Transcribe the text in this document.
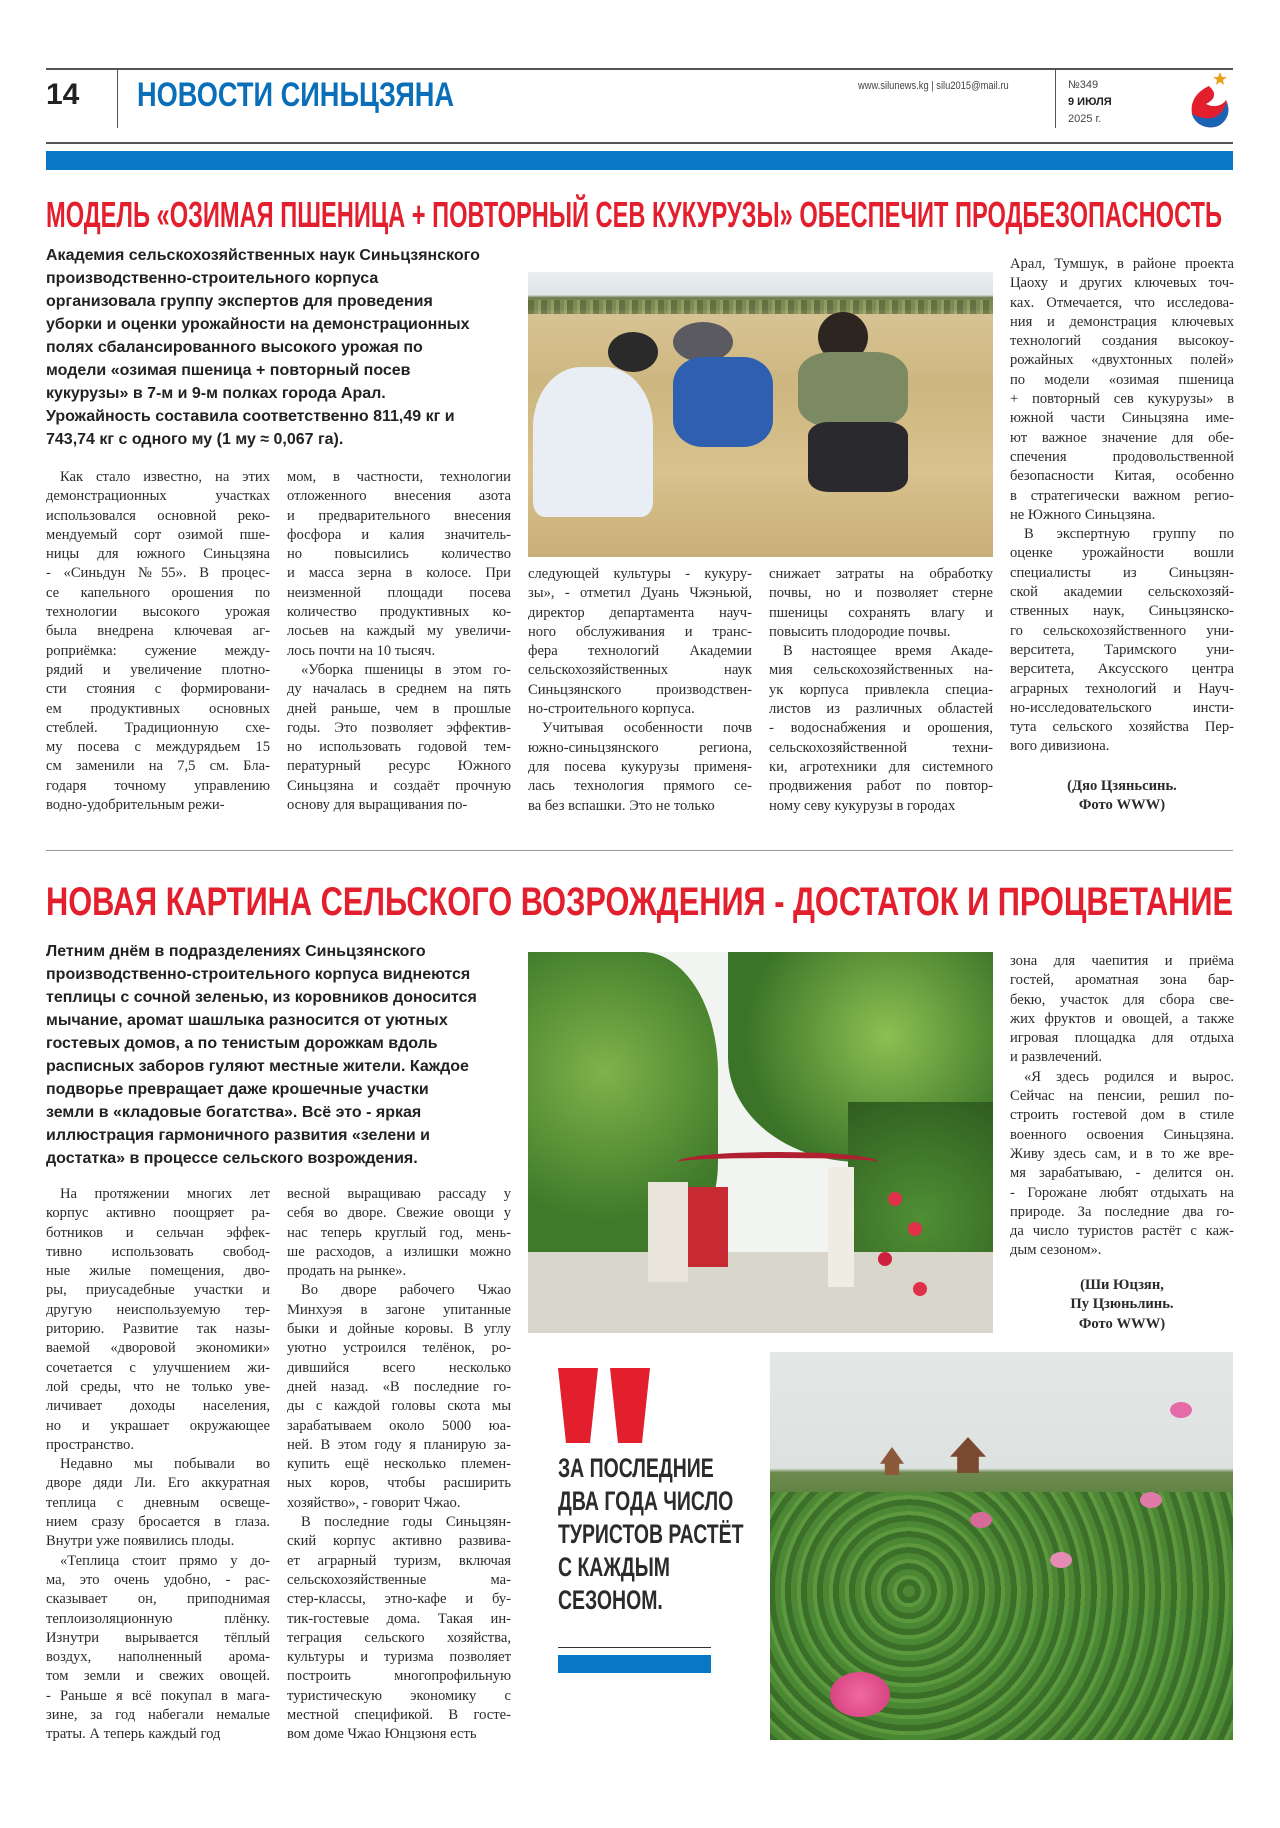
14 НОВОСТИ СИНЬЦЗЯНА	www.silunews.kg | silu2015@mail.ru	№349
9 ИЮЛЯ
2025 г.
МОДЕЛЬ «ОЗИМАЯ ПШЕНИЦА + ПОВТОРНЫЙ СЕВ КУКУРУЗЫ» ОБЕСПЕЧИТ ПРОДБЕЗОПАСНОСТЬ
Академия сельскохозяйственных наук Синьцзянского
производственно-строительного корпуса
организовала группу экспертов для проведения
уборки и оценки урожайности на демонстрационных
полях сбалансированного высокого урожая по
модели «озимая пшеница + повторный посев
кукурузы» в 7-м и 9-м полках города Арал.
Урожайность составила соответственно 811,49 кг и
743,74 кг с одного му (1 му ≈ 0,067 га).
Как стало известно, на этих
демонстрационных участках
использовался основной реко-
мендуемый сорт озимой пше-
ницы для южного Синьцзяна
- «Синьдун №55». В процес-
се капельного орошения по
технологии высокого урожая
была внедрена ключевая аг-
роприёмка: сужение между-
рядий и увеличение плотно-
сти стояния с формировани-
ем продуктивных основных
стеблей. Традиционную схе-
му посева с междурядьем 15
см заменили на 7,5 см. Бла-
годаря точному управлению
водно-удобрительным режи-
мом, в частности, технологии
отложенного внесения азота
и предварительного внесения
фосфора и калия значитель-
но повысились количество
и масса зерна в колосе. При
неизменной площади посева
количество продуктивных ко-
лосьев на каждый му увеличи-
лось почти на 10 тысяч.
«Уборка пшеницы в этом го-
ду началась в среднем на пять
дней раньше, чем в прошлые
годы. Это позволяет эффектив-
но использовать годовой тем-
пературный ресурс Южного
Синьцзяна и создаёт прочную
основу для выращивания по-
следующей культуры - кукуру-
зы», - отметил Дуань Чжэньюй,
директор департамента науч-
ного обслуживания и транс-
фера технологий Академии
сельскохозяйственных наук
Синьцзянского производствен-
но-строительного корпуса.
Учитывая особенности почв
южно-синьцзянского региона,
для посева кукурузы применя-
лась технология прямого се-
ва без вспашки. Это не только
снижает затраты на обработку
почвы, но и позволяет стерне
пшеницы сохранять влагу и
повысить плодородие почвы.
В настоящее время Акаде-
мия сельскохозяйственных на-
ук корпуса привлекла специа-
листов из различных областей
- водоснабжения и орошения,
сельскохозяйственной техни-
ки, агротехники для системного
продвижения работ по повтор-
ному севу кукурузы в городах
Арал, Тумшук, в районе проекта
Цаоху и других ключевых точ-
ках. Отмечается, что исследова-
ния и демонстрация ключевых
технологий создания высокоу-
рожайных «двухтонных полей»
по модели «озимая пшеница
+ повторный сев кукурузы» в
южной части Синьцзяна име-
ют важное значение для обе-
спечения продовольственной
безопасности Китая, особенно
в стратегически важном регио-
не Южного Синьцзяна.
В экспертную группу по
оценке урожайности вошли
специалисты из Синьцзян-
ской академии сельскохозяй-
ственных наук, Синьцзянско-
го сельскохозяйственного уни-
верситета, Таримского уни-
верситета, Аксусского центра
аграрных технологий и Науч-
но-исследовательского инсти-
тута сельского хозяйства Пер-
вого дивизиона.
(Дяо Цзяньсинь.
Фото WWW)
НОВАЯ КАРТИНА СЕЛЬСКОГО ВОЗРОЖДЕНИЯ - ДОСТАТОК И ПРОЦВЕТАНИЕ
Летним днём в подразделениях Синьцзянского
производственно-строительного корпуса виднеются
теплицы с сочной зеленью, из коровников доносится
мычание, аромат шашлыка разносится от уютных
гостевых домов, а по тенистым дорожкам вдоль
расписных заборов гуляют местные жители. Каждое
подворье превращает даже крошечные участки
земли в «кладовые богатства». Всё это - яркая
иллюстрация гармоничного развития «зелени и
достатка» в процессе сельского возрождения.
На протяжении многих лет
корпус активно поощряет ра-
ботников и сельчан эффек-
тивно использовать свобод-
ные жилые помещения, дво-
ры, приусадебные участки и
другую неиспользуемую тер-
риторию. Развитие так назы-
ваемой «дворовой экономики»
сочетается с улучшением жи-
лой среды, что не только уве-
личивает доходы населения,
но и украшает окружающее
пространство.
Недавно мы побывали во
дворе дяди Ли. Его аккуратная
теплица с дневным освеще-
нием сразу бросается в глаза.
Внутри уже появились плоды.
«Теплица стоит прямо у до-
ма, это очень удобно, - рас-
сказывает он, приподнимая
теплоизоляционную плёнку.
Изнутри вырывается тёплый
воздух, наполненный арома-
том земли и свежих овощей.
- Раньше я всё покупал в мага-
зине, за год набегали немалые
траты. А теперь каждый год
весной выращиваю рассаду у
себя во дворе. Свежие овощи у
нас теперь круглый год, мень-
ше расходов, а излишки можно
продать на рынке».
Во дворе рабочего Чжао
Минхуэя в загоне упитанные
быки и дойные коровы. В углу
уютно устроился телёнок, ро-
дившийся всего несколько
дней назад. «В последние го-
ды с каждой головы скота мы
зарабатываем около 5000 юа-
ней. В этом году я планирую за-
купить ещё несколько племен-
ных коров, чтобы расширить
хозяйство», - говорит Чжао.
В последние годы Синьцзян-
ский корпус активно развива-
ет аграрный туризм, включая
сельскохозяйственные ма-
стер-классы, этно-кафе и бу-
тик-гостевые дома. Такая ин-
теграция сельского хозяйства,
культуры и туризма позволяет
построить многопрофильную
туристическую экономику с
местной спецификой. В госте-
вом доме Чжао Юнцзюня есть
зона для чаепития и приёма
гостей, ароматная зона бар-
бекю, участок для сбора све-
жих фруктов и овощей, а также
игровая площадка для отдыха
и развлечений.
«Я здесь родился и вырос.
Сейчас на пенсии, решил по-
строить гостевой дом в стиле
военного освоения Синьцзяна.
Живу здесь сам, и в то же вре-
мя зарабатываю, - делится он.
- Горожане любят отдыхать на
природе. За последние два го-
да число туристов растёт с каж-
дым сезоном».
(Ши Юцзян,
Пу Цзюньлинь.
Фото WWW)
ЗА ПОСЛЕДНИЕ
ДВА ГОДА ЧИСЛО
ТУРИСТОВ РАСТЁТ
С КАЖДЫМ
СЕЗОНОМ.
